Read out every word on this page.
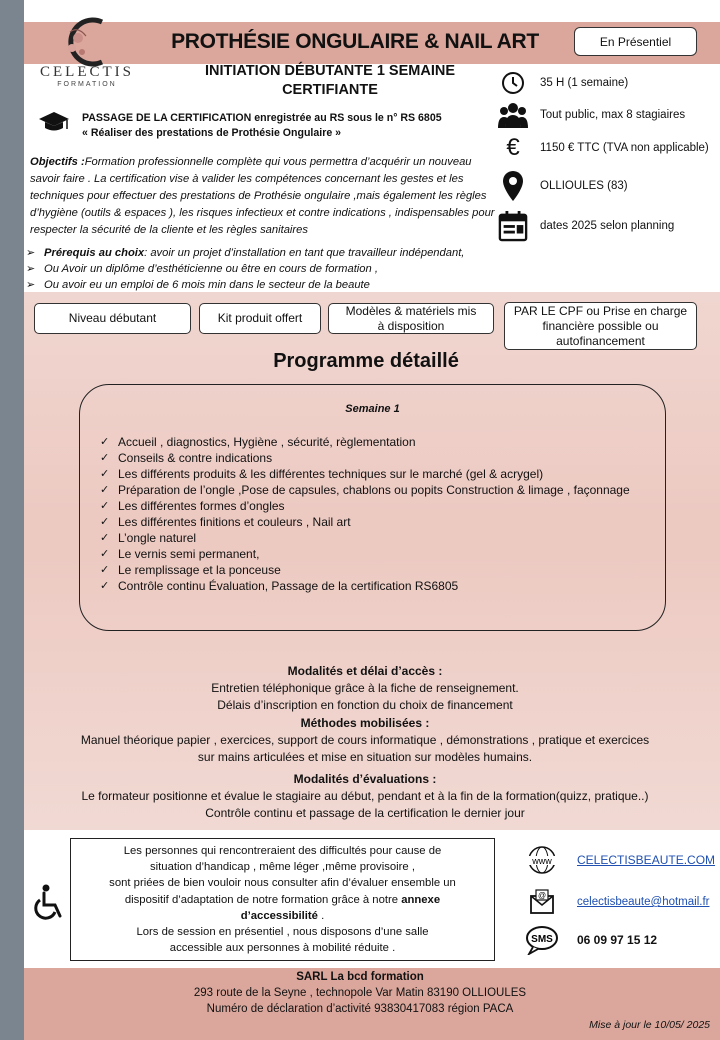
CELECTIS
FORMATION
PROTHÉSIE ONGULAIRE & NAIL ART	En Présentiel
INITIATION DÉBUTANTE 1 SEMAINE
CERTIFIANTE
PASSAGE DE LA CERTIFICATION enregistrée au RS sous le n° RS 6805
« Réaliser des prestations de Prothésie Ongulaire »
Objectifs :Formation professionnelle complète qui vous permettra d’acquérir un nouveau savoir faire . La certification vise à valider les compétences concernant les gestes et les techniques pour effectuer des prestations de Prothésie ongulaire ,mais également les règles d’hygiène (outils & espaces ), les risques infectieux et contre indications , indispensables pour respecter la sécurité de la cliente et les règles sanitaires
➢ Prérequis au choix: avoir un projet d’installation en tant que travailleur indépendant,
➢ Ou Avoir un diplôme d’esthéticienne ou être en cours de formation ,
➢ Ou avoir eu un emploi de 6 mois min dans le secteur de la beaute
35 H (1 semaine)
Tout public, max 8 stagiaires
€	1150 € TTC (TVA non applicable)
OLLIOULES (83)
dates 2025 selon planning
Niveau débutant	Kit produit offert
Modèles & matériels mis
à disposition
PAR LE CPF ou Prise en charge
financière possible ou
autofinancement
Programme détaillé
Semaine 1
✓ Accueil , diagnostics, Hygiène , sécurité, règlementation
✓ Conseils & contre indications
✓ Les différents produits & les différentes techniques sur le marché (gel & acrygel)
✓ Préparation de l’ongle ,Pose de capsules, chablons ou popits Construction & limage , façonnage
✓ Les différentes formes d’ongles
✓ Les différentes finitions et couleurs , Nail art
✓ L’ongle naturel
✓ Le vernis semi permanent,
✓ Le remplissage et la ponceuse
✓ Contrôle continu Évaluation, Passage de la certification RS6805
Modalités et délai d’accès :
Entretien téléphonique grâce à la fiche de renseignement.
Délais d’inscription en fonction du choix de financement
Méthodes mobilisées :
Manuel théorique papier , exercices, support de cours informatique , démonstrations , pratique et exercices
sur mains articulées et mise en situation sur modèles humains.
Modalités d’évaluations :
Le formateur positionne et évalue le stagiaire au début, pendant et à la fin de la formation(quizz, pratique..)
Contrôle continu et passage de la certification le dernier jour
Les personnes qui rencontreraient des difficultés pour cause de
situation d’handicap , même léger ,même provisoire ,
sont priées de bien vouloir nous consulter afin d’évaluer ensemble un
dispositif d’adaptation de notre formation grâce à notre annexe
d’accessibilité .
Lors de session en présentiel , nous disposons d’une salle
accessible aux personnes à mobilité réduite .
www CELECTISBEAUTE.COM
@
celectisbeaute@hotmail.fr
SMS 06 09 97 15 12
SARL La bcd formation
293 route de la Seyne , technopole Var Matin 83190 OLLIOULES
Numéro de déclaration d’activité 93830417083 région PACA
Mise à jour le 10/05/ 2025
